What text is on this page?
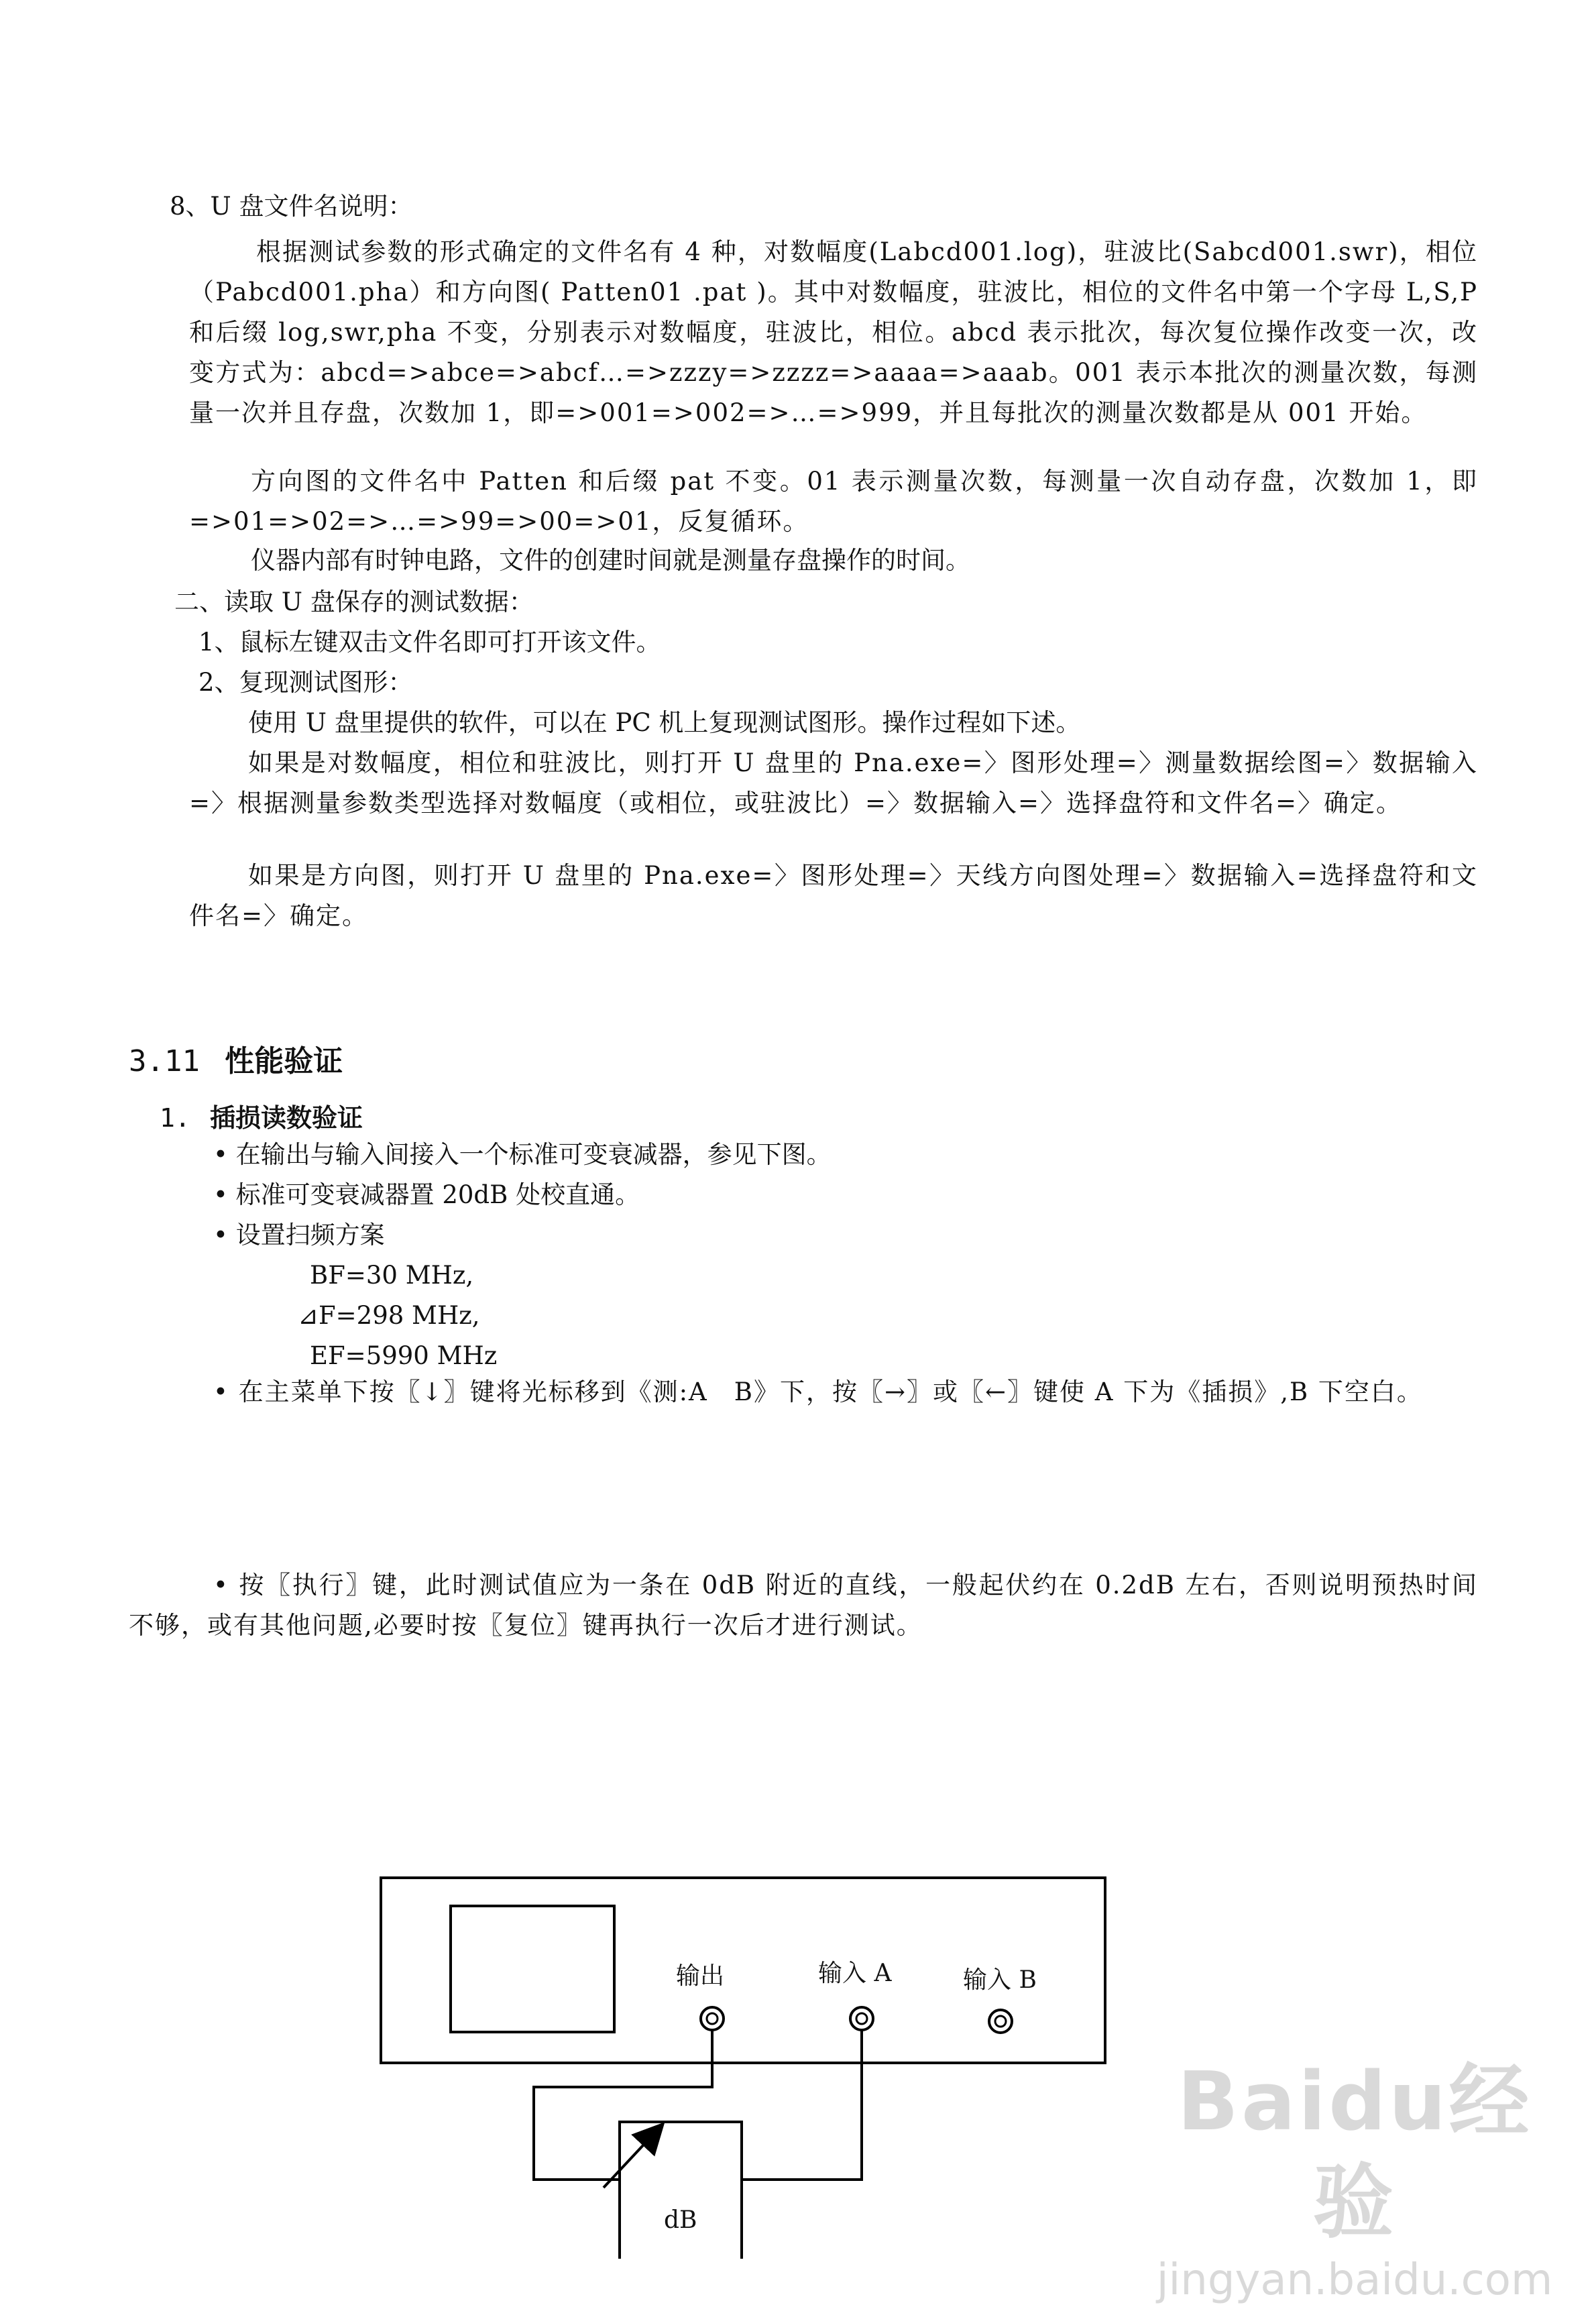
8、U 盘文件名说明：
根据测试参数的形式确定的文件名有 4 种，对数幅度(Labcd001.log)，驻波比(Sabcd001.swr)，相位（Pabcd001.pha）和方向图( Patten01 .pat )。其中对数幅度，驻波比，相位的文件名中第一个字母 L,S,P 和后缀 log,swr,pha 不变，分别表示对数幅度，驻波比，相位。abcd 表示批次，每次复位操作改变一次，改变方式为：abcd=>abce=>abcf…=>zzzy=>zzzz=>aaaa=>aaab。001 表示本批次的测量次数，每测量一次并且存盘，次数加 1，即=>001=>002=>…=>999，并且每批次的测量次数都是从 001 开始。
方向图的文件名中 Patten 和后缀 pat 不变。01 表示测量次数，每测量一次自动存盘，次数加 1，即=>01=>02=>…=>99=>00=>01，反复循环。
仪器内部有时钟电路，文件的创建时间就是测量存盘操作的时间。
二、读取 U 盘保存的测试数据：
1、鼠标左键双击文件名即可打开该文件。
2、复现测试图形：
使用 U 盘里提供的软件，可以在 PC 机上复现测试图形。操作过程如下述。
如果是对数幅度，相位和驻波比，则打开 U 盘里的 Pna.exe=〉图形处理=〉测量数据绘图=〉数据输入=〉根据测量参数类型选择对数幅度（或相位，或驻波比）=〉数据输入=〉选择盘符和文件名=〉确定。
如果是方向图，则打开 U 盘里的 Pna.exe=〉图形处理=〉天线方向图处理=〉数据输入=选择盘符和文件名=〉确定。
3.11 性能验证
1. 插损读数验证
• 在输出与输入间接入一个标准可变衰减器，参见下图。
• 标准可变衰减器置 20dB 处校直通。
• 设置扫频方案
BF=30 MHz,
⊿F=298 MHz,
EF=5990 MHz
• 在主菜单下按〖↓〗键将光标移到《测:A　B》下，按〖→〗或〖←〗键使 A 下为《插损》,B 下空白。
• 按〖执行〗键，此时测试值应为一条在 0dB 附近的直线，一般起伏约在 0.2dB 左右，否则说明预热时间不够，或有其他问题,必要时按〖复位〗键再执行一次后才进行测试。
输出	输入 A	输入 B
dB
Baidu经验
jingyan.baidu.com
